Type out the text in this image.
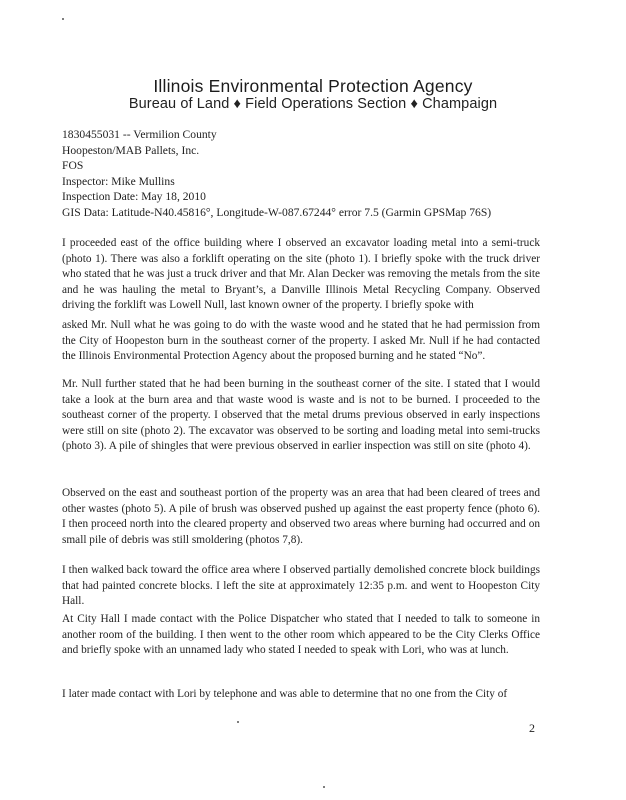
Illinois Environmental Protection Agency
Bureau of Land ♦ Field Operations Section ♦ Champaign
1830455031 -- Vermilion County
Hoopeston/MAB Pallets, Inc.
FOS
Inspector: Mike Mullins
Inspection Date: May 18, 2010
GIS Data: Latitude-N40.45816°, Longitude-W-087.67244° error 7.5 (Garmin GPSMap 76S)
I proceeded east of the office building where I observed an excavator loading metal into a semi-truck (photo 1). There was also a forklift operating on the site (photo 1). I briefly spoke with the truck driver who stated that he was just a truck driver and that Mr. Alan Decker was removing the metals from the site and he was hauling the metal to Bryant’s, a Danville Illinois Metal Recycling Company. Observed driving the forklift was Lowell Null, last known owner of the property. I briefly spoke with
asked Mr. Null what he was going to do with the waste wood and he stated that he had permission from the City of Hoopeston burn in the southeast corner of the property. I asked Mr. Null if he had contacted the Illinois Environmental Protection Agency about the proposed burning and he stated “No”.
Mr. Null further stated that he had been burning in the southeast corner of the site. I stated that I would take a look at the burn area and that waste wood is waste and is not to be burned. I proceeded to the southeast corner of the property. I observed that the metal drums previous observed in early inspections were still on site (photo 2). The excavator was observed to be sorting and loading metal into semi-trucks (photo 3). A pile of shingles that were previous observed in earlier inspection was still on site (photo 4).
Observed on the east and southeast portion of the property was an area that had been cleared of trees and other wastes (photo 5). A pile of brush was observed pushed up against the east property fence (photo 6). I then proceed north into the cleared property and observed two areas where burning had occurred and on small pile of debris was still smoldering (photos 7,8).
I then walked back toward the office area where I observed partially demolished concrete block buildings that had painted concrete blocks. I left the site at approximately 12:35 p.m. and went to Hoopeston City Hall.
At City Hall I made contact with the Police Dispatcher who stated that I needed to talk to someone in another room of the building. I then went to the other room which appeared to be the City Clerks Office and briefly spoke with an unnamed lady who stated I needed to speak with Lori, who was at lunch.
I later made contact with Lori by telephone and was able to determine that no one from the City of
2
